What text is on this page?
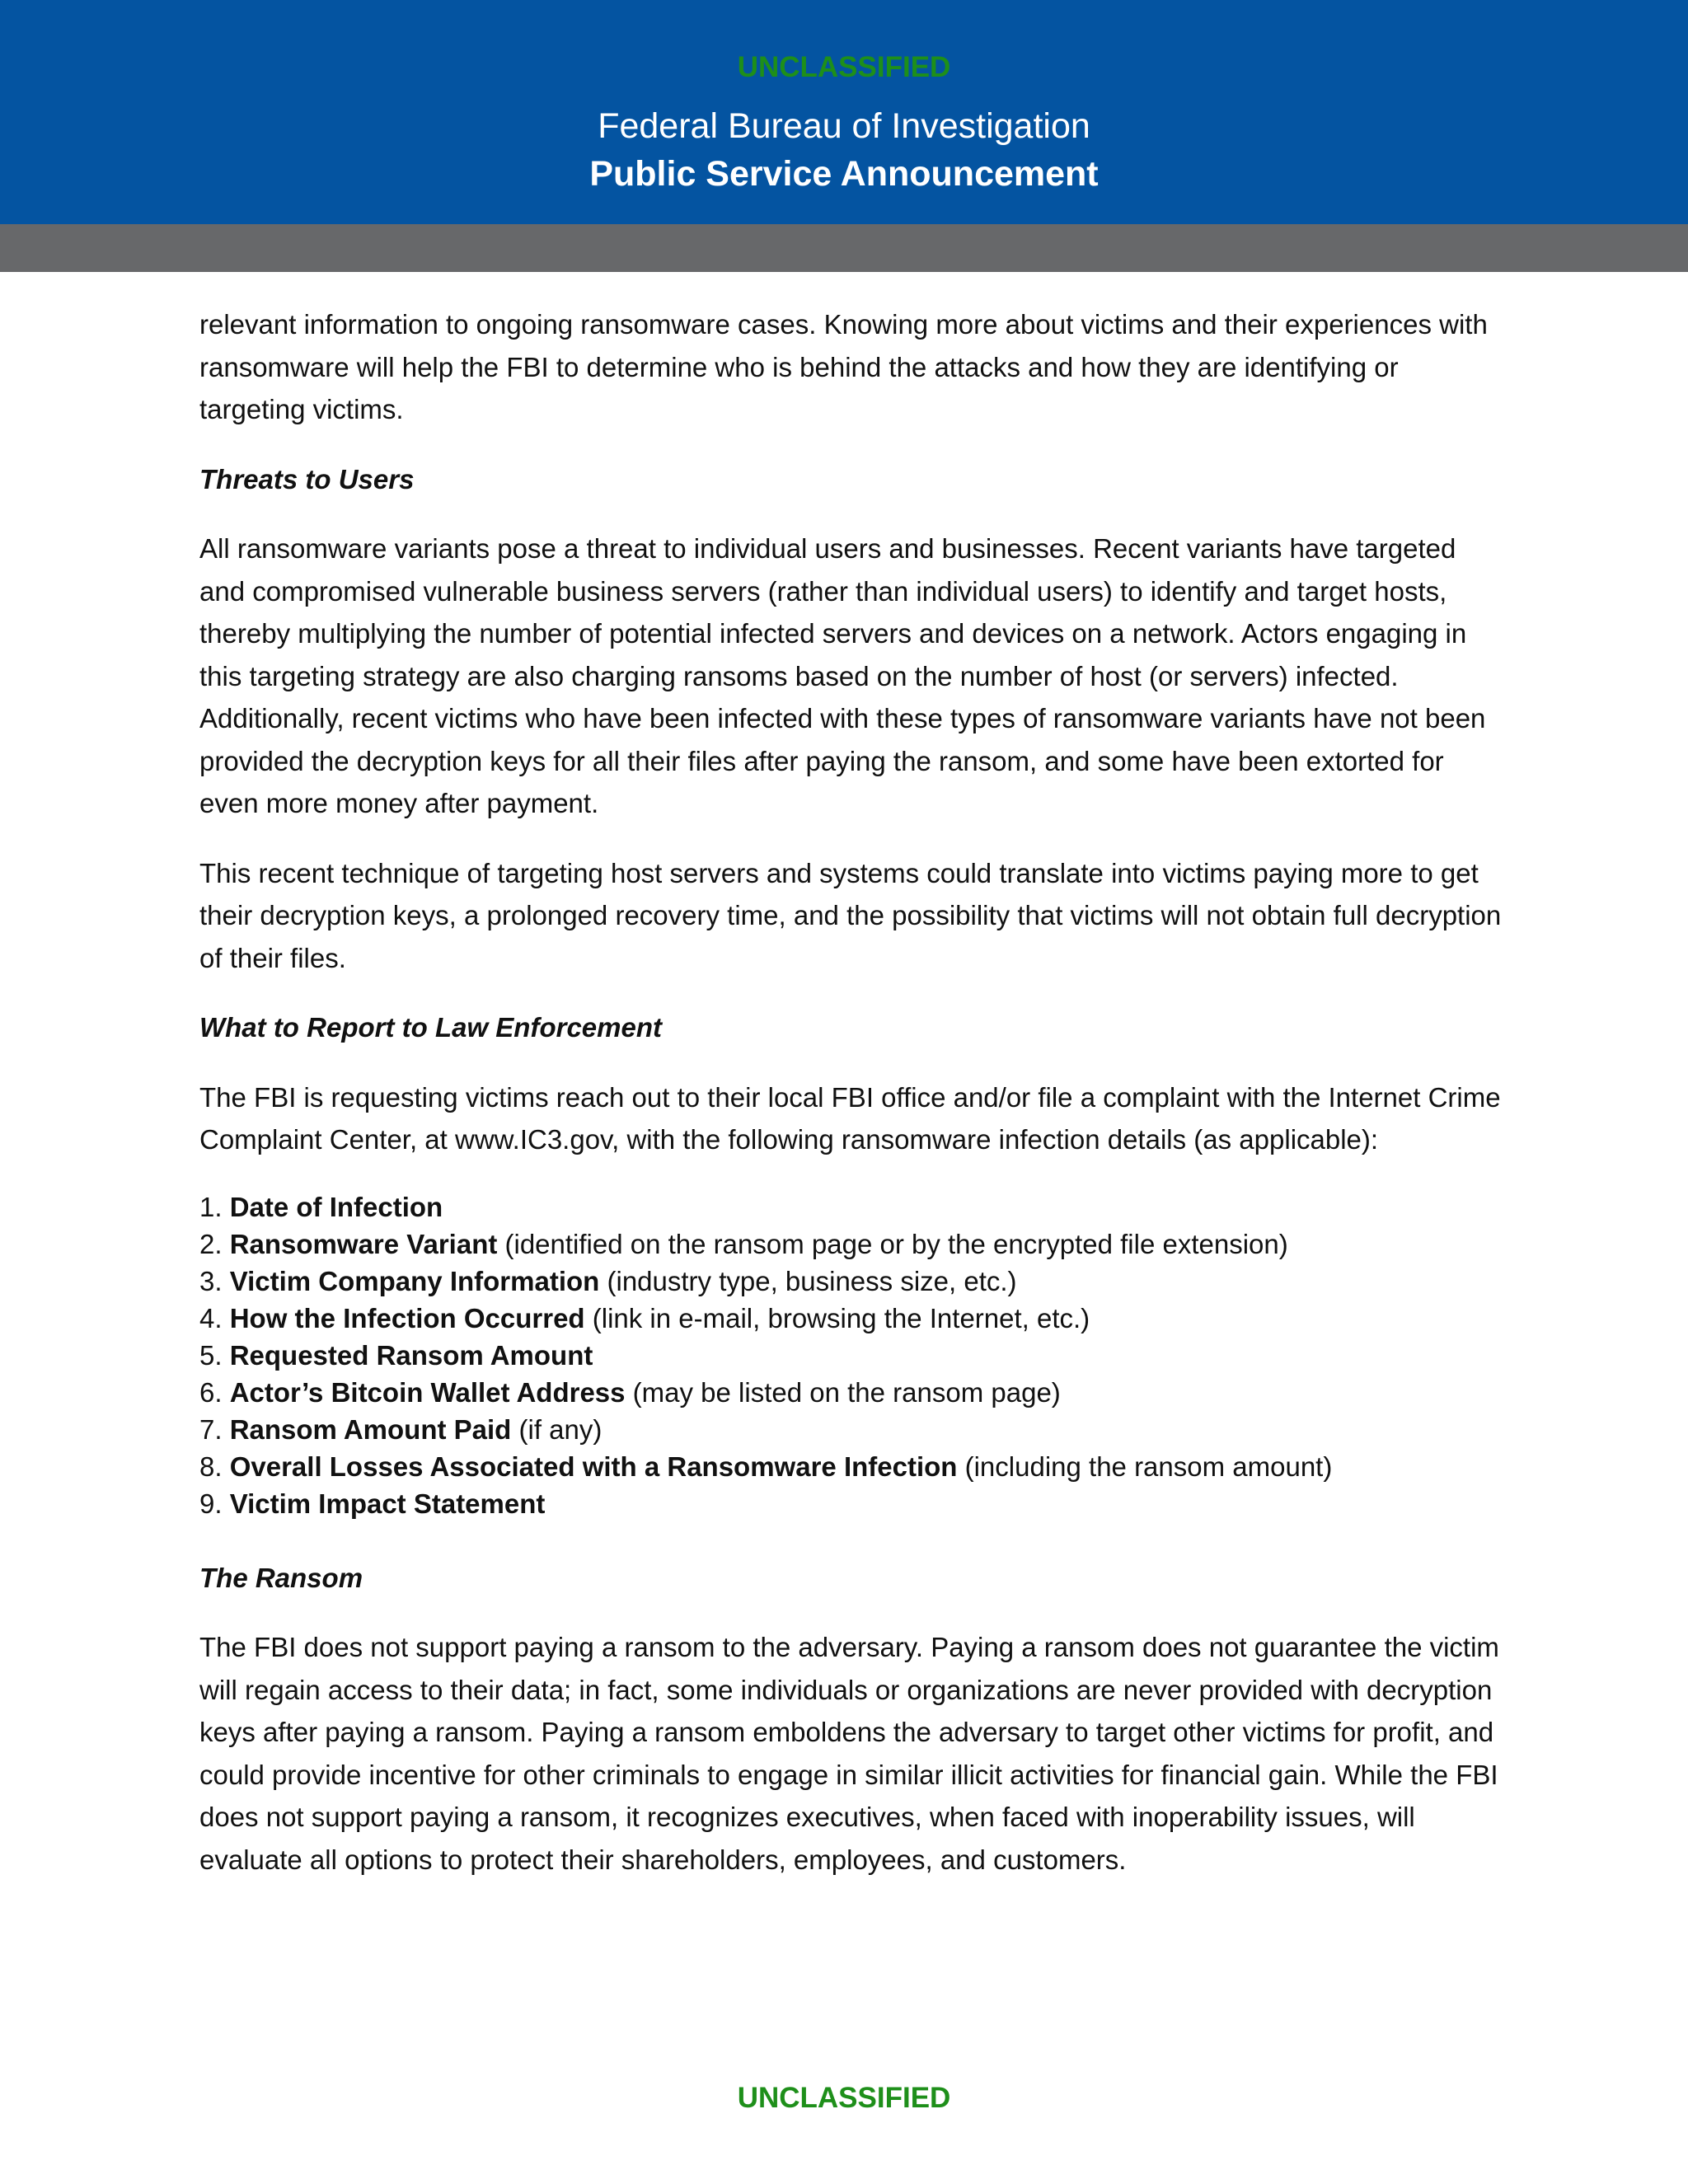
UNCLASSIFIED
Federal Bureau of Investigation
Public Service Announcement

relevant information to ongoing ransomware cases. Knowing more about victims and their experiences with ransomware will help the FBI to determine who is behind the attacks and how they are identifying or targeting victims.

Threats to Users

All ransomware variants pose a threat to individual users and businesses. Recent variants have targeted and compromised vulnerable business servers (rather than individual users) to identify and target hosts, thereby multiplying the number of potential infected servers and devices on a network. Actors engaging in this targeting strategy are also charging ransoms based on the number of host (or servers) infected. Additionally, recent victims who have been infected with these types of ransomware variants have not been provided the decryption keys for all their files after paying the ransom, and some have been extorted for even more money after payment.

This recent technique of targeting host servers and systems could translate into victims paying more to get their decryption keys, a prolonged recovery time, and the possibility that victims will not obtain full decryption of their files.

What to Report to Law Enforcement

The FBI is requesting victims reach out to their local FBI office and/or file a complaint with the Internet Crime Complaint Center, at www.IC3.gov, with the following ransomware infection details (as applicable):

1. Date of Infection
2. Ransomware Variant (identified on the ransom page or by the encrypted file extension)
3. Victim Company Information (industry type, business size, etc.)
4. How the Infection Occurred (link in e-mail, browsing the Internet, etc.)
5. Requested Ransom Amount
6. Actor’s Bitcoin Wallet Address (may be listed on the ransom page)
7. Ransom Amount Paid (if any)
8. Overall Losses Associated with a Ransomware Infection (including the ransom amount)
9. Victim Impact Statement
The Ransom

The FBI does not support paying a ransom to the adversary. Paying a ransom does not guarantee the victim will regain access to their data; in fact, some individuals or organizations are never provided with decryption keys after paying a ransom. Paying a ransom emboldens the adversary to target other victims for profit, and could provide incentive for other criminals to engage in similar illicit activities for financial gain. While the FBI does not support paying a ransom, it recognizes executives, when faced with inoperability issues, will evaluate all options to protect their shareholders, employees, and customers.

UNCLASSIFIED
